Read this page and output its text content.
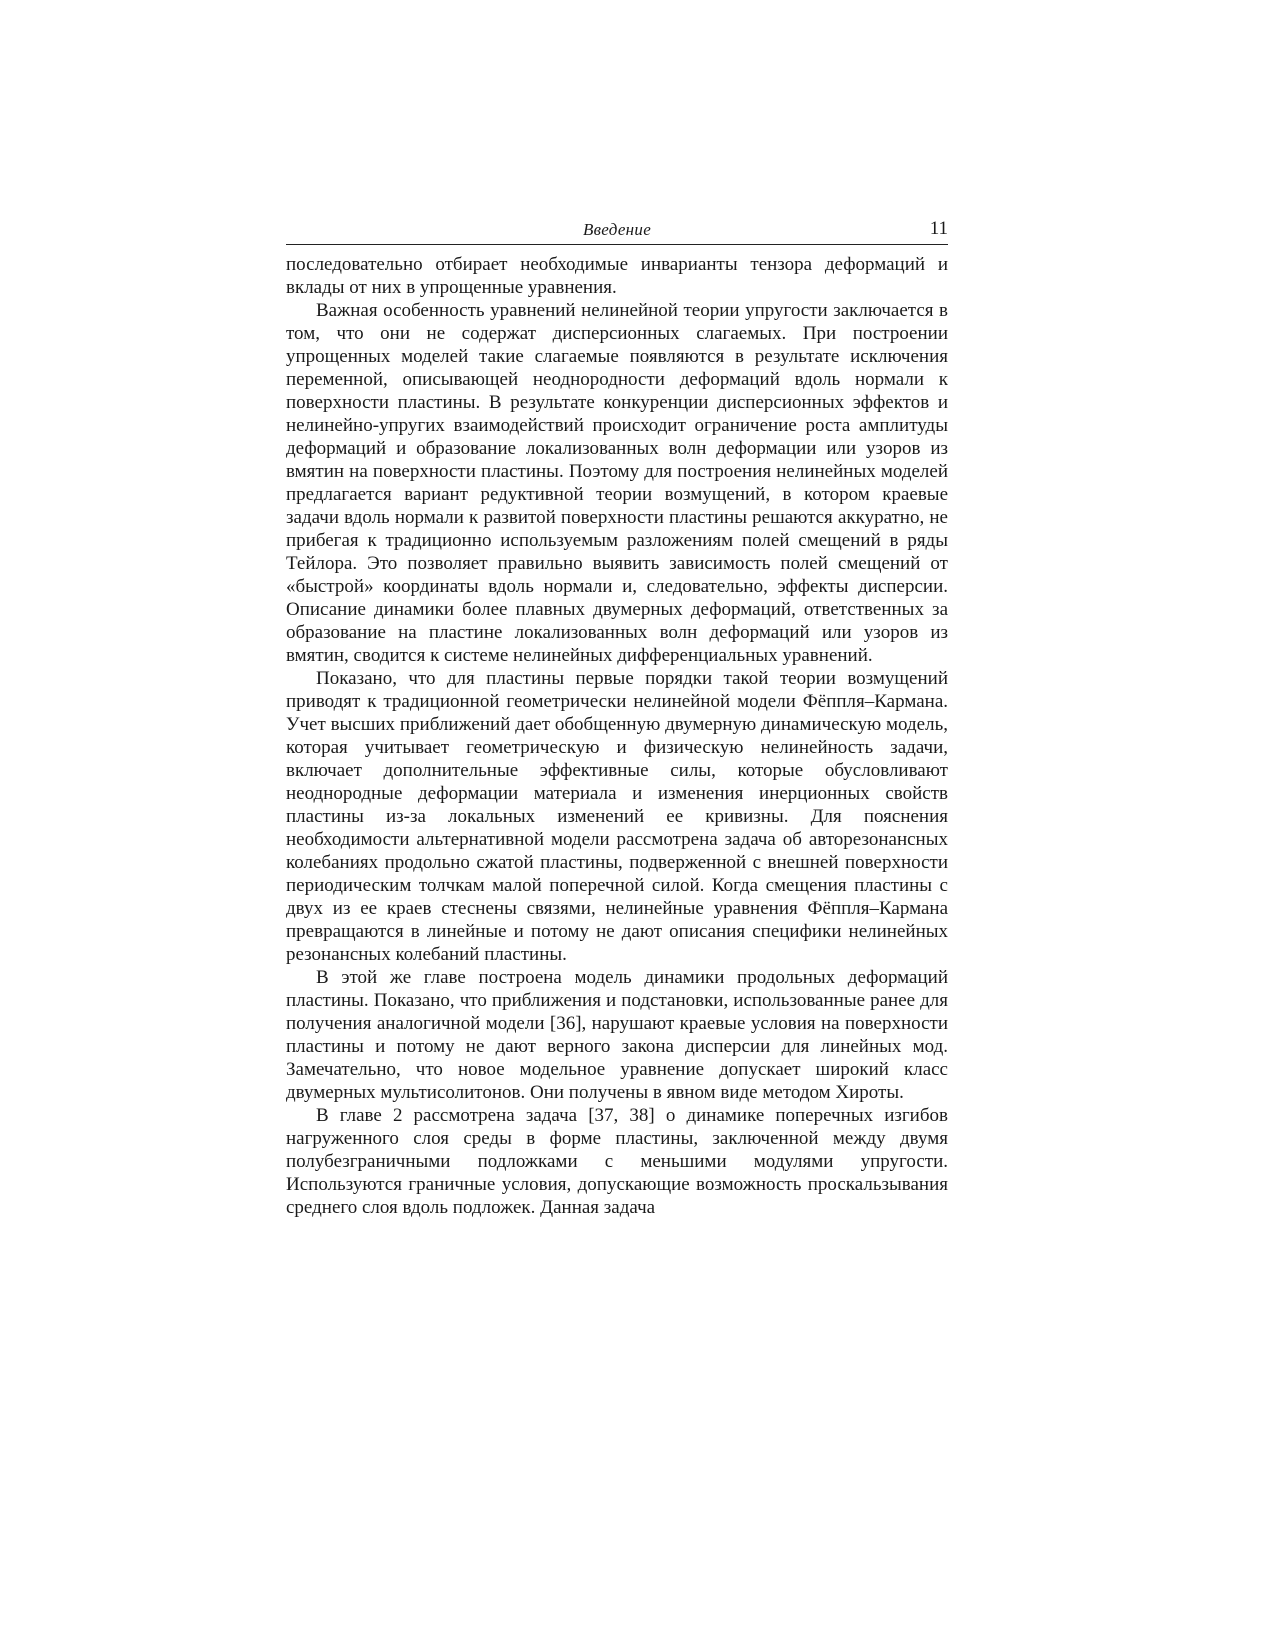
Введение	11

последовательно отбирает необходимые инварианты тензора деформаций и вклады от них в упрощенные уравнения.

Важная особенность уравнений нелинейной теории упругости заключается в том, что они не содержат дисперсионных слагаемых. При построении упрощенных моделей такие слагаемые появляются в результате исключения переменной, описывающей неоднородности деформаций вдоль нормали к поверхности пластины. В результате конкуренции дисперсионных эффектов и нелинейно-упругих взаимодействий происходит ограничение роста амплитуды деформаций и образование локализованных волн деформации или узоров из вмятин на поверхности пластины. Поэтому для построения нелинейных моделей предлагается вариант редуктивной теории возмущений, в котором краевые задачи вдоль нормали к развитой поверхности пластины решаются аккуратно, не прибегая к традиционно используемым разложениям полей смещений в ряды Тейлора. Это позволяет правильно выявить зависимость полей смещений от «быстрой» координаты вдоль нормали и, следовательно, эффекты дисперсии. Описание динамики более плавных двумерных деформаций, ответственных за образование на пластине локализованных волн деформаций или узоров из вмятин, сводится к системе нелинейных дифференциальных уравнений.

Показано, что для пластины первые порядки такой теории возмущений приводят к традиционной геометрически нелинейной модели Фёппля–Кармана. Учет высших приближений дает обобщенную двумерную динамическую модель, которая учитывает геометрическую и физическую нелинейность задачи, включает дополнительные эффективные силы, которые обусловливают неоднородные деформации материала и изменения инерционных свойств пластины из-за локальных изменений ее кривизны. Для пояснения необходимости альтернативной модели рассмотрена задача об авторезонансных колебаниях продольно сжатой пластины, подверженной с внешней поверхности периодическим толчкам малой поперечной силой. Когда смещения пластины с двух из ее краев стеснены связями, нелинейные уравнения Фёппля–Кармана превращаются в линейные и потому не дают описания специфики нелинейных резонансных колебаний пластины.

В этой же главе построена модель динамики продольных деформаций пластины. Показано, что приближения и подстановки, использованные ранее для получения аналогичной модели [36], нарушают краевые условия на поверхности пластины и потому не дают верного закона дисперсии для линейных мод. Замечательно, что новое модельное уравнение допускает широкий класс двумерных мультисолитонов. Они получены в явном виде методом Хироты.

В главе 2 рассмотрена задача [37, 38] о динамике поперечных изгибов нагруженного слоя среды в форме пластины, заключенной между двумя полубезграничными подложками с меньшими модулями упругости. Используются граничные условия, допускающие возможность проскальзывания среднего слоя вдоль подложек. Данная задача
